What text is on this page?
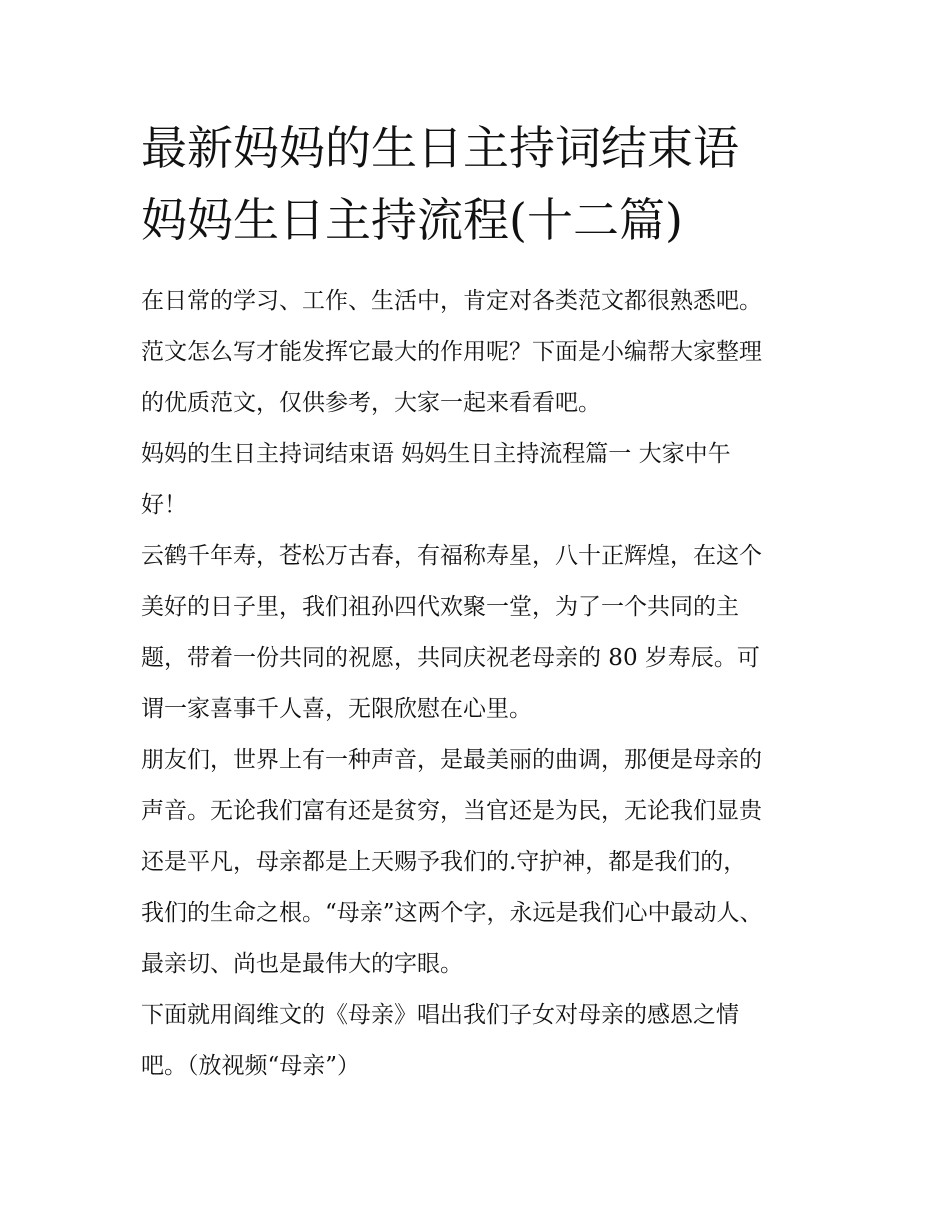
最新妈妈的生日主持词结束语
妈妈生日主持流程(十二篇)
在日常的学习、工作、生活中，肯定对各类范文都很熟悉吧。
范文怎么写才能发挥它最大的作用呢？下面是小编帮大家整理
的优质范文，仅供参考，大家一起来看看吧。
妈妈的生日主持词结束语 妈妈生日主持流程篇一 大家中午
好！
云鹤千年寿，苍松万古春，有福称寿星，八十正辉煌，在这个
美好的日子里，我们祖孙四代欢聚一堂，为了一个共同的主
题，带着一份共同的祝愿，共同庆祝老母亲的 80 岁寿辰。可
谓一家喜事千人喜，无限欣慰在心里。
朋友们，世界上有一种声音，是最美丽的曲调，那便是母亲的
声音。无论我们富有还是贫穷，当官还是为民，无论我们显贵
还是平凡，母亲都是上天赐予我们的.守护神，都是我们的，
我们的生命之根。“母亲”这两个字，永远是我们心中最动人、
最亲切、尚也是最伟大的字眼。
下面就用阎维文的《母亲》唱出我们子女对母亲的感恩之情
吧。（放视频“母亲”）
